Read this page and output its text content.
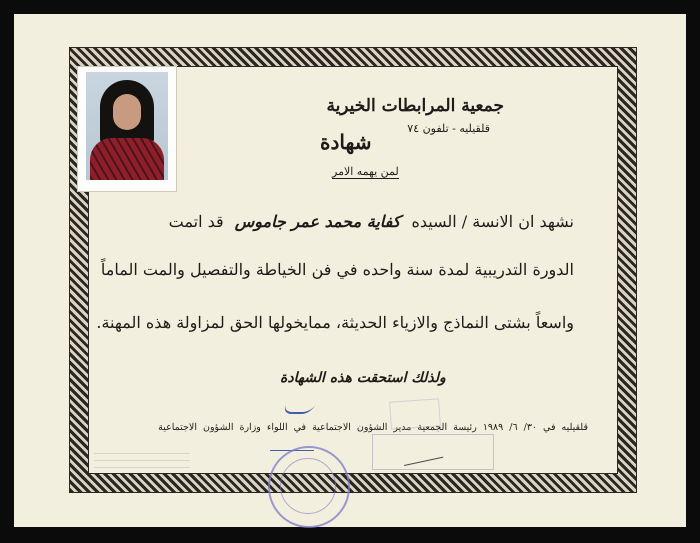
جمعية المرابطات الخيرية
قلقيليه - تلفون ٧٤
شهادة
لمن يهمه الامر
نشهد ان الانسة / السيده كفاية محمد عمر جاموس قد اتمت
الدورة التدريبية لمدة سنة واحده في فن الخياطة والتفصيل والمت الماماً
واسعاً بشتى النماذج والازياء الحديثة، ممايخولها الحق لمزاولة هذه المهنة.
ولذلك استحقت هذه الشهادة
قلقيليه في ٣٠/ ٦/ ١٩٨٩ رئيسة الجمعية مدير الشؤون الاجتماعية في اللواء وزارة الشؤون الاجتماعية
